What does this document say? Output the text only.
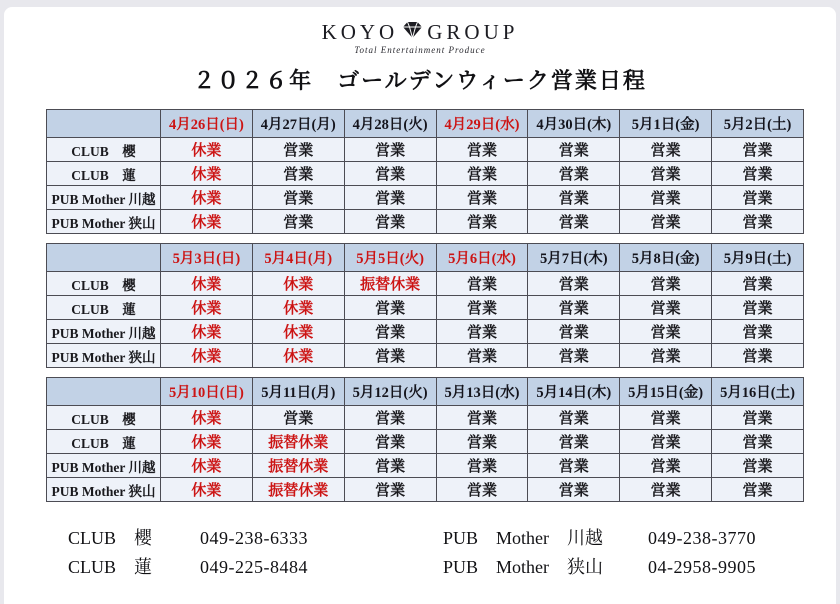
KOYO GROUP
Total Entertainment Produce
２０２６年　ゴールデンウィーク営業日程
	4月26日(日)	4月27日(月)	4月28日(火)	4月29日(水)	4月30日(木)	5月1日(金)	5月2日(土)
CLUB　櫻	休業	営業	営業	営業	営業	営業	営業
CLUB　蓮	休業	営業	営業	営業	営業	営業	営業
PUB Mother 川越	休業	営業	営業	営業	営業	営業	営業
PUB Mother 狭山	休業	営業	営業	営業	営業	営業	営業
	5月3日(日)	5月4日(月)	5月5日(火)	5月6日(水)	5月7日(木)	5月8日(金)	5月9日(土)
CLUB　櫻	休業	休業	振替休業	営業	営業	営業	営業
CLUB　蓮	休業	休業	営業	営業	営業	営業	営業
PUB Mother 川越	休業	休業	営業	営業	営業	営業	営業
PUB Mother 狭山	休業	休業	営業	営業	営業	営業	営業
	5月10日(日)	5月11日(月)	5月12日(火)	5月13日(水)	5月14日(木)	5月15日(金)	5月16日(土)
CLUB　櫻	休業	営業	営業	営業	営業	営業	営業
CLUB　蓮	休業	振替休業	営業	営業	営業	営業	営業
PUB Mother 川越	休業	振替休業	営業	営業	営業	営業	営業
PUB Mother 狭山	休業	振替休業	営業	営業	営業	営業	営業
CLUB　櫻	049-238-6333
CLUB　蓮	049-225-8484
PUB　Mother　川越	049-238-3770
PUB　Mother　狭山	04-2958-9905
